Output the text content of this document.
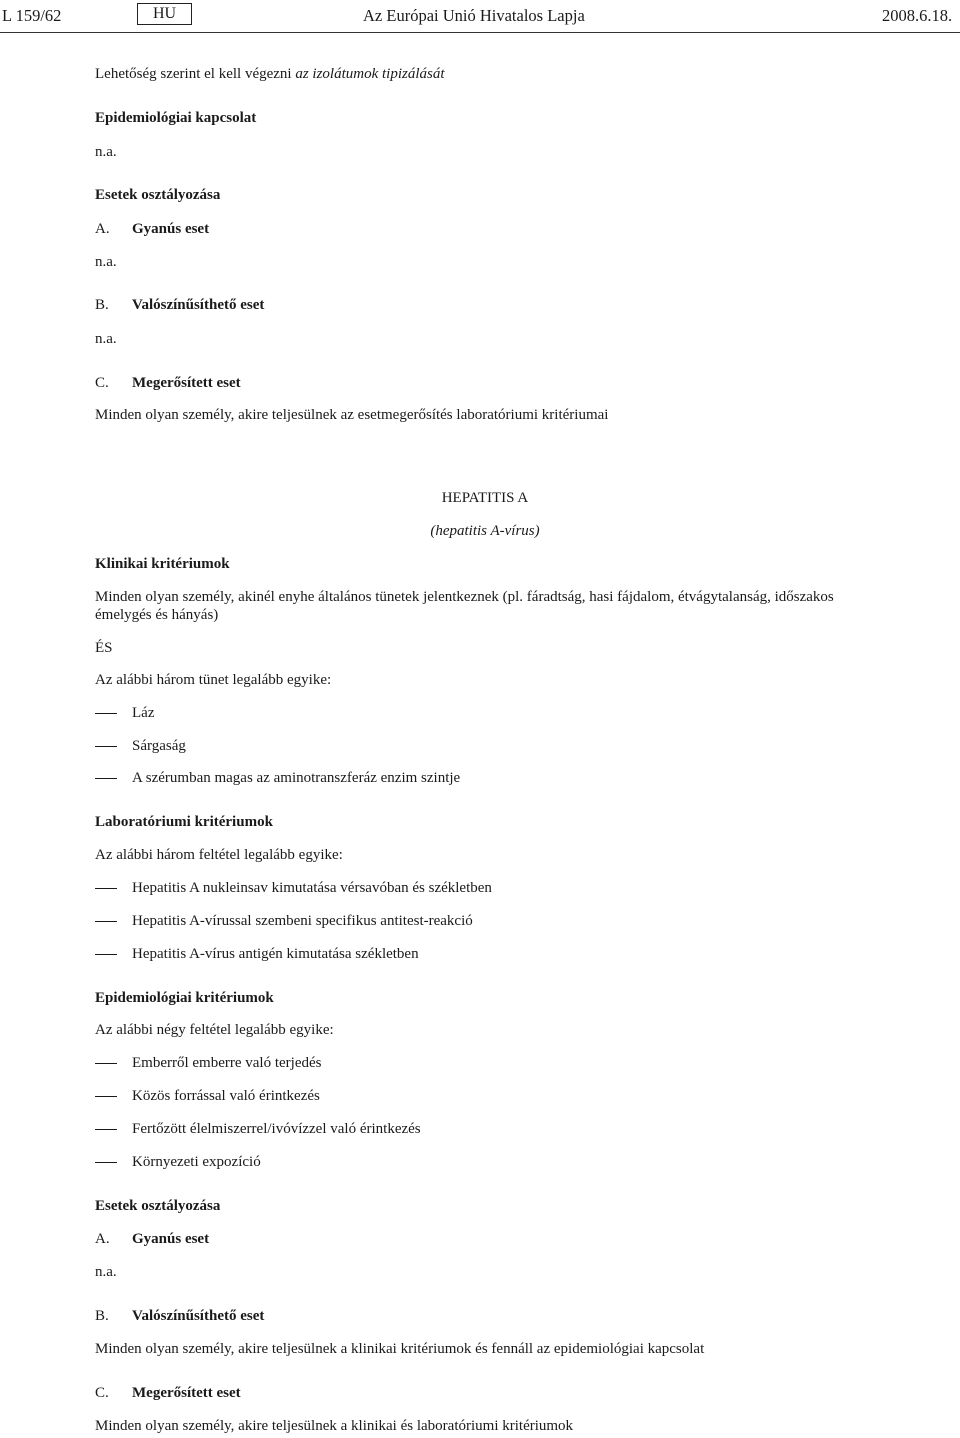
L 159/62	HU	Az Európai Unió Hivatalos Lapja	2008.6.18.
Lehetőség szerint el kell végezni az izolátumok tipizálását
Epidemiológiai kapcsolat
n.a.
Esetek osztályozása
A. Gyanús eset
n.a.
B. Valószínűsíthető eset
n.a.
C. Megerősített eset
Minden olyan személy, akire teljesülnek az esetmegerősítés laboratóriumi kritériumai
HEPATITIS A
(hepatitis A-vírus)
Klinikai kritériumok
Minden olyan személy, akinél enyhe általános tünetek jelentkeznek (pl. fáradtság, hasi fájdalom, étvágytalanság, időszakos
émelygés és hányás)
ÉS
Az alábbi három tünet legalább egyike:
Láz
Sárgaság
A szérumban magas az aminotranszferáz enzim szintje
Laboratóriumi kritériumok
Az alábbi három feltétel legalább egyike:
Hepatitis A nukleinsav kimutatása vérsavóban és székletben
Hepatitis A-vírussal szembeni specifikus antitest-reakció
Hepatitis A-vírus antigén kimutatása székletben
Epidemiológiai kritériumok
Az alábbi négy feltétel legalább egyike:
Emberről emberre való terjedés
Közös forrással való érintkezés
Fertőzött élelmiszerrel/ivóvízzel való érintkezés
Környezeti expozíció
Esetek osztályozása
A. Gyanús eset
n.a.
B. Valószínűsíthető eset
Minden olyan személy, akire teljesülnek a klinikai kritériumok és fennáll az epidemiológiai kapcsolat
C. Megerősített eset
Minden olyan személy, akire teljesülnek a klinikai és laboratóriumi kritériumok
